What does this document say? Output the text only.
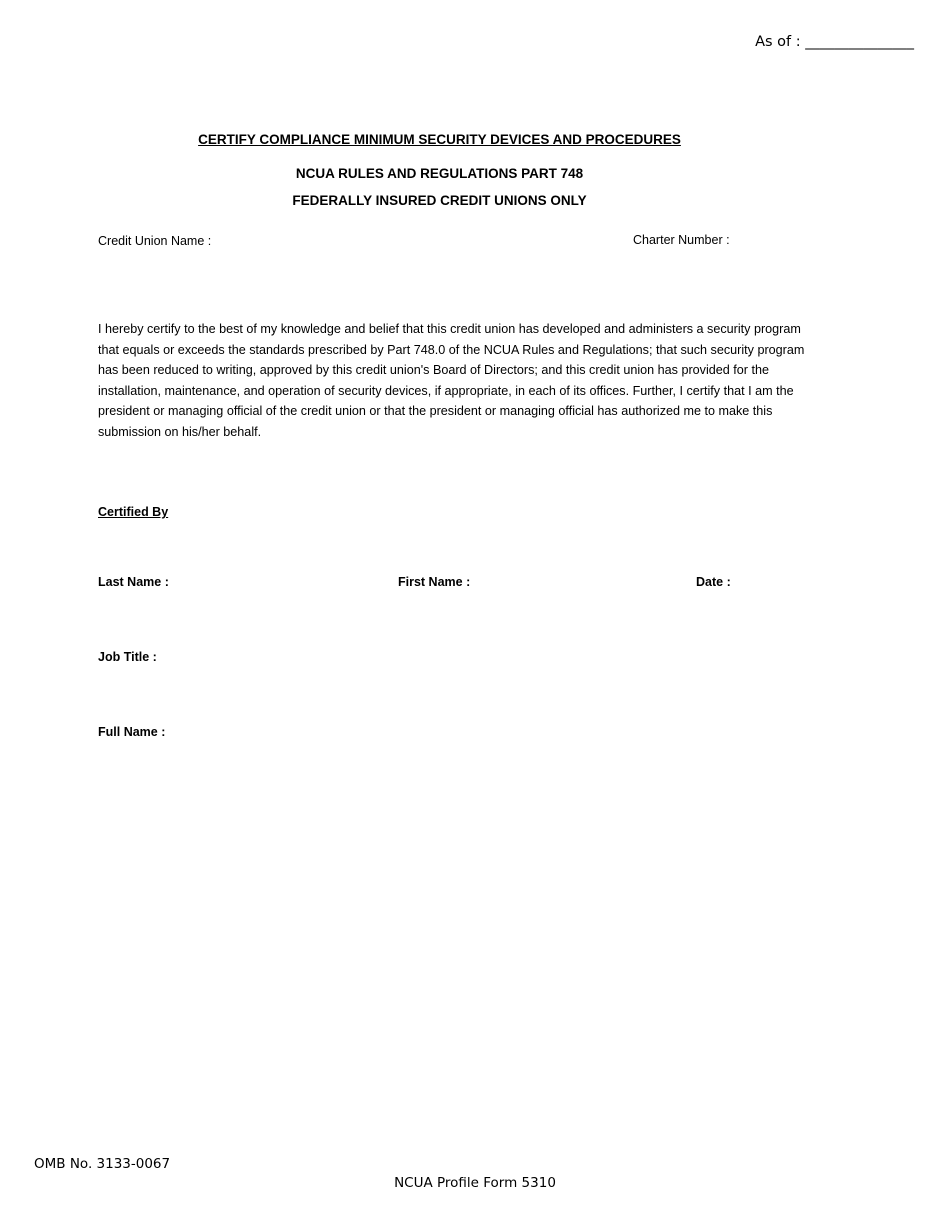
As of : _______________
CERTIFY COMPLIANCE MINIMUM SECURITY DEVICES AND PROCEDURES
NCUA RULES AND REGULATIONS PART 748
FEDERALLY INSURED CREDIT UNIONS ONLY
Credit Union Name :	Charter Number :
I hereby certify to the best of my knowledge and belief that this credit union has developed and administers a security program that equals or exceeds the standards prescribed by Part 748.0 of the NCUA Rules and Regulations; that such security program has been reduced to writing, approved by this credit union's Board of Directors; and this credit union has provided for the installation, maintenance, and operation of security devices, if appropriate, in each of its offices. Further, I certify that I am the president or managing official of the credit union or that the president or managing official has authorized me to make this submission on his/her behalf.
Certified By
Last Name :	First Name :	Date :
Job Title :
Full Name :
OMB No. 3133-0067
NCUA Profile Form 5310
